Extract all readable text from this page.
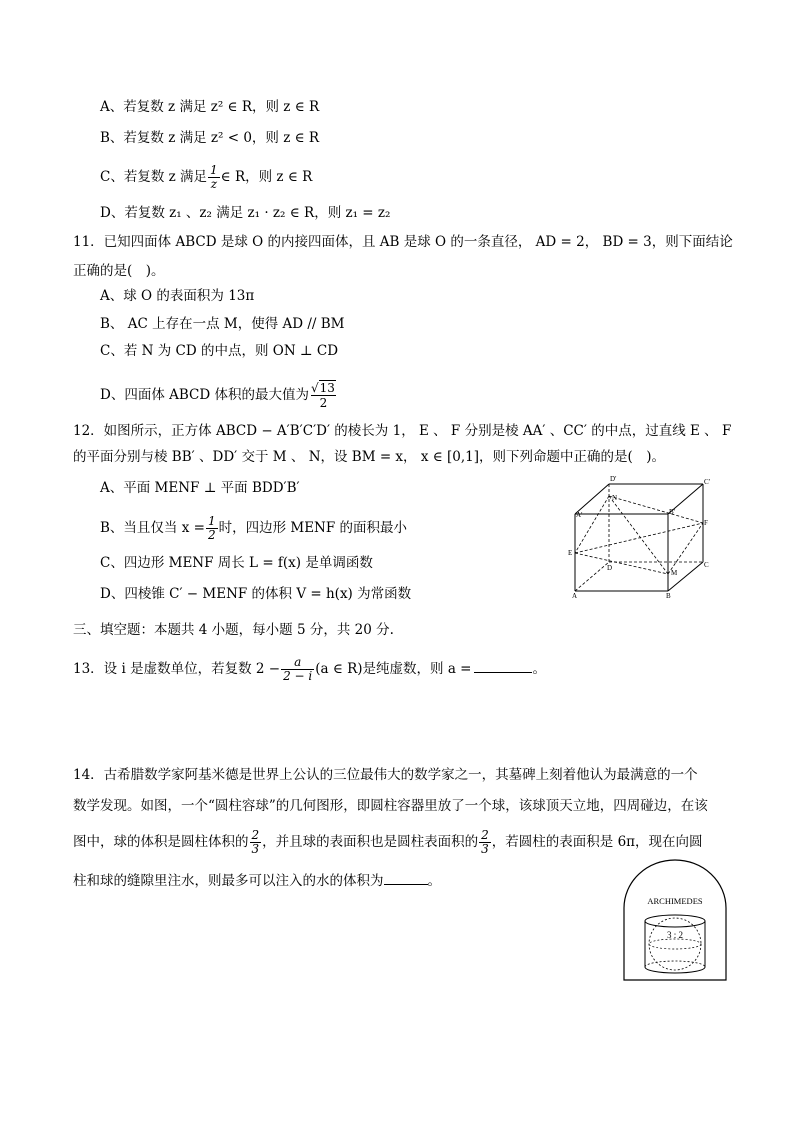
A、若复数 z 满足 z² ∈ R，则 z ∈ R
B、若复数 z 满足 z² < 0，则 z ∈ R
C、若复数 z 满足 $\frac{1}{z}$ ∈ R，则 z ∈ R
D、若复数 z₁ 、z₂ 满足 z₁ · z₂ ∈ R，则 z₁ = z₂
11．已知四面体 ABCD 是球 O 的内接四面体，且 AB 是球 O 的一条直径， AD = 2， BD = 3，则下面结论
正确的是(　)。
A、球 O 的表面积为 13π
B、 AC 上存在一点 M，使得 AD // BM
C、若 N 为 CD 的中点，则 ON ⊥ CD
D、四面体 ABCD 体积的最大值为 $\frac{√13}{2}$
12．如图所示，正方体 ABCD − A′B′C′D′ 的棱长为 1， E 、 F 分别是棱 AA′ 、CC′ 的中点，过直线 E 、 F
的平面分别与棱 BB′ 、DD′ 交于 M 、 N，设 BM = x， x ∈ [0,1]，则下列命题中正确的是(　)。
A、平面 MENF ⊥ 平面 BDD′B′
B、当且仅当 $x = \frac{1}{2}$ 时，四边形 MENF 的面积最小
C、四边形 MENF 周长 L = f(x) 是单调函数
D、四棱锥 C′ − MENF 的体积 V = h(x) 为常函数
D′	C′
N
A′	B′
F
E
D
M
C
A	B
三、填空题：本题共 4 小题，每小题 5 分，共 20 分.
13．设 i 是虚数单位，若复数 $2 - \frac{a}{2 - i} (a$ ∈ R)是纯虚数，则 a =	。
14．古希腊数学家阿基米德是世界上公认的三位最伟大的数学家之一，其墓碑上刻着他认为最满意的一个
数学发现。如图，一个“圆柱容球”的几何图形，即圆柱容器里放了一个球，该球顶天立地，四周碰边，在该
图中，球的体积是圆柱体积的 $\frac{2}{3}$ ，并且球的表面积也是圆柱表面积的 $\frac{2}{3}$ ，若圆柱的表面积是 6π，现在向圆
柱和球的缝隙里注水，则最多可以注入的水的体积为	。
ARCHIMEDES
3 : 2
